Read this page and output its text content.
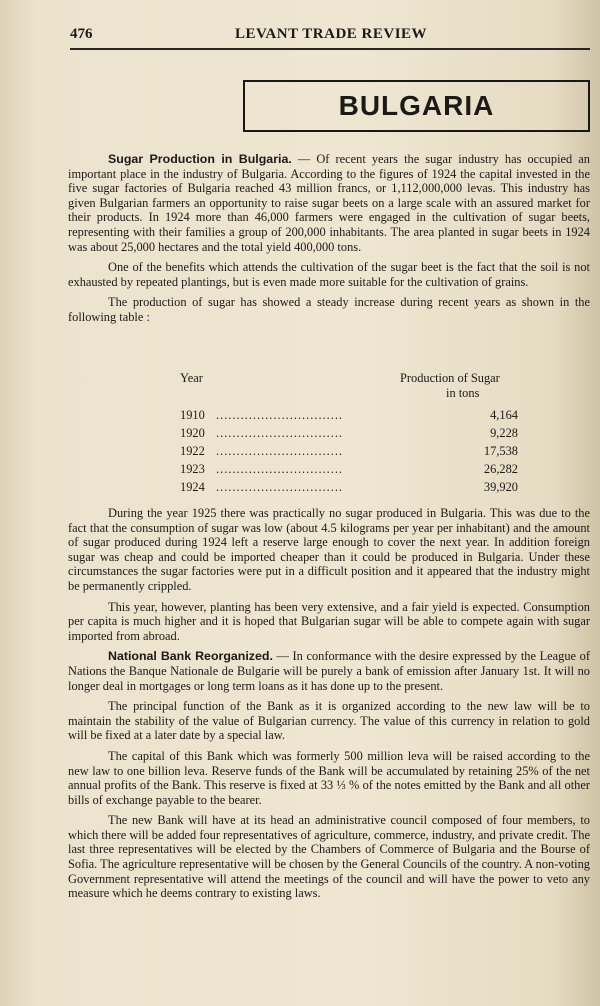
476	LEVANT TRADE REVIEW
BULGARIA

Sugar Production in Bulgaria. — Of recent years the sugar industry has occupied an important place in the industry of Bulgaria. According to the figures of 1924 the capital invested in the five sugar factories of Bulgaria reached 43 million francs, or 1,112,000,000 levas. This industry has given Bulgarian farmers an opportunity to raise sugar beets on a large scale with an assured market for their products. In 1924 more than 46,000 farmers were engaged in the cultivation of sugar beets, representing with their families a group of 200,000 inhabitants. The area planted in sugar beets in 1924 was about 25,000 hectares and the total yield 400,000 tons.

One of the benefits which attends the cultivation of the sugar beet is the fact that the soil is not exhausted by repeated plantings, but is even made more suitable for the cultivation of grains.

The production of sugar has showed a steady increase during recent years as shown in the following table :

Year	Production of Sugar
in tons
1910 ...............................	4,164
1920 ...............................	9,228
1922 ...............................	17,538
1923 ...............................	26,282
1924 ...............................	39,920

During the year 1925 there was practically no sugar produced in Bulgaria. This was due to the fact that the consumption of sugar was low (about 4.5 kilograms per year per inhabitant) and the amount of sugar produced during 1924 left a reserve large enough to cover the next year. In addition foreign sugar was cheap and could be imported cheaper than it could be produced in Bulgaria. Under these circumstances the sugar factories were put in a difficult position and it appeared that the industry might be permanently crippled.

This year, however, planting has been very extensive, and a fair yield is expected. Consumption per capita is much higher and it is hoped that Bulgarian sugar will be able to compete again with sugar imported from abroad.

National Bank Reorganized. — In conformance with the desire expressed by the League of Nations the Banque Nationale de Bulgarie will be purely a bank of emission after January 1st. It will no longer deal in mortgages or long term loans as it has done up to the present.

The principal function of the Bank as it is organized according to the new law will be to maintain the stability of the value of Bulgarian currency. The value of this currency in relation to gold will be fixed at a later date by a special law.

The capital of this Bank which was formerly 500 million leva will be raised according to the new law to one billion leva. Reserve funds of the Bank will be accumulated by retaining 25% of the net annual profits of the Bank. This reserve is fixed at 33 ⅓ % of the notes emitted by the Bank and all other bills of exchange payable to the bearer.

The new Bank will have at its head an administrative council composed of four members, to which there will be added four representatives of agriculture, commerce, industry, and private credit. The last three representatives will be elected by the Chambers of Commerce of Bulgaria and the Bourse of Sofia. The agriculture representative will be chosen by the General Councils of the country. A non-voting Government representative will attend the meetings of the council and will have the power to veto any measure which he deems contrary to existing laws.
